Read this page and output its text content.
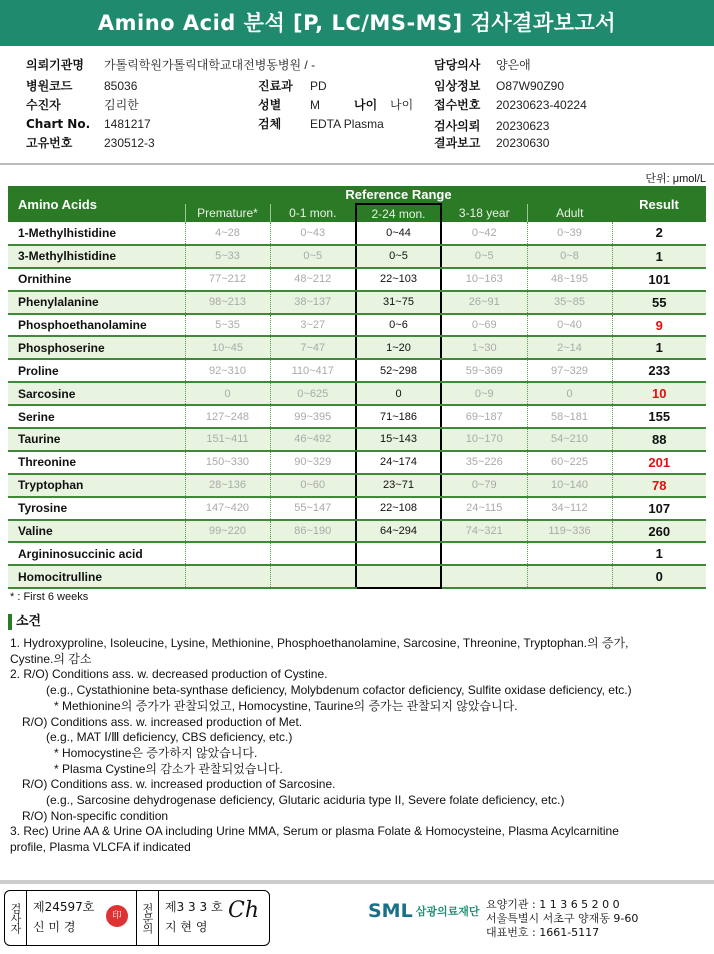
Amino Acid 분석 [P, LC/MS-MS] 검사결과보고서
의뢰기관명 가톨릭학원가톨릭대학교대전병동병원 / -	담당의사 양은애
병원코드	85036	진료과 PD	임상정보 O87W90Z90
수진자	김리한	성별 M	나이 나이 접수번호 20230623-40224
Chart No. 1481217	검체 EDTA Plasma	검사의뢰 20230623
고유번호	230512-3	결과보고 20230630
단위: μmol/L
Amino Acids	Reference Range					Result
	Premature*	0-1 mon.	2-24 mon.	3-18 year	Adult	
1-Methylhistidine	4~28	0~43	0~44	0~42	0~39	2
3-Methylhistidine	5~33	0~5	0~5	0~5	0~8	1
Ornithine	77~212	48~212	22~103	10~163	48~195	101
Phenylalanine	98~213	38~137	31~75	26~91	35~85	55
Phosphoethanolamine	5~35	3~27	0~6	0~69	0~40	9
Phosphoserine	10~45	7~47	1~20	1~30	2~14	1
Proline	92~310	110~417	52~298	59~369	97~329	233
Sarcosine	0	0~625	0	0~9	0	10
Serine	127~248	99~395	71~186	69~187	58~181	155
Taurine	151~411	46~492	15~143	10~170	54~210	88
Threonine	150~330	90~329	24~174	35~226	60~225	201
Tryptophan	28~136	0~60	23~71	0~79	10~140	78
Tyrosine	147~420	55~147	22~108	24~115	34~112	107
Valine	99~220	86~190	64~294	74~321	119~336	260
Argininosuccinic acid						1
Homocitrulline						0
* : First 6 weeks
소견
1. Hydroxyproline, Isoleucine, Lysine, Methionine, Phosphoethanolamine, Sarcosine, Threonine, Tryptophan.의 증가,
Cystine.의 감소
2. R/O) Conditions ass. w. decreased production of Cystine.
(e.g., Cystathionine beta-synthase deficiency, Molybdenum cofactor deficiency, Sulfite oxidase deficiency, etc.)
* Methionine의 증가가 관찰되었고, Homocystine, Taurine의 증가는 관찰되지 않았습니다.
R/O) Conditions ass. w. increased production of Met.
(e.g., MAT Ⅰ/Ⅲ deficiency, CBS deficiency, etc.)
* Homocystine은 증가하지 않았습니다.
* Plasma Cystine의 감소가 관찰되었습니다.
R/O) Conditions ass. w. increased production of Sarcosine.
(e.g., Sarcosine dehydrogenase deficiency, Glutaric aciduria type II, Severe folate deficiency, etc.)
R/O) Non-specific condition
3. Rec) Urine AA & Urine OA including Urine MMA, Serum or plasma Folate & Homocysteine, Plasma Acylcarnitine
profile, Plasma VLCFA if indicated
검사자 제24597호
신 미 경
印	전문의 제3 3 3 호
지 현 영
Ch	SML 삼광의료재단
요양기관 : 1 1 3 6 5 2 0 0
서울특별시 서초구 양재동 9-60
대표번호 : 1661-5117
